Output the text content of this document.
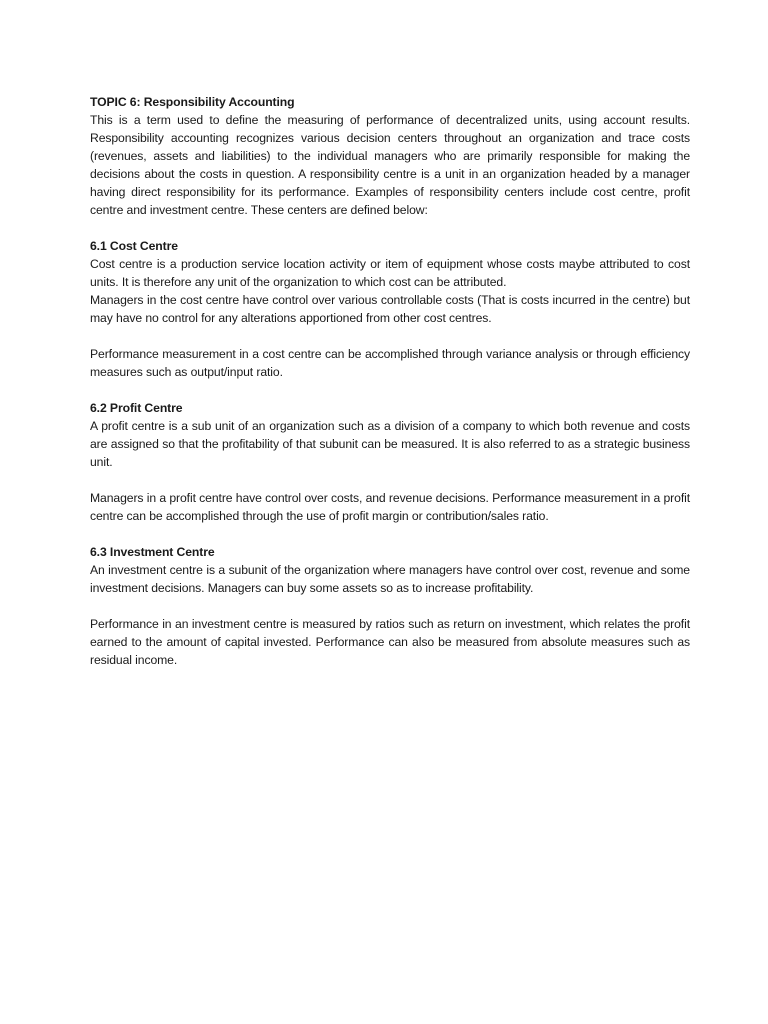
TOPIC 6: Responsibility Accounting

This is a term used to define the measuring of performance of decentralized units, using account results. Responsibility accounting recognizes various decision centers throughout an organization and trace costs (revenues, assets and liabilities) to the individual managers who are primarily responsible for making the decisions about the costs in question. A responsibility centre is a unit in an organization headed by a manager having direct responsibility for its performance. Examples of responsibility centers include cost centre, profit centre and investment centre. These centers are defined below:

6.1 Cost Centre

Cost centre is a production service location activity or item of equipment whose costs maybe attributed to cost units. It is therefore any unit of the organization to which cost can be attributed.

Managers in the cost centre have control over various controllable costs (That is costs incurred in the centre) but may have no control for any alterations apportioned from other cost centres.

Performance measurement in a cost centre can be accomplished through variance analysis or through efficiency measures such as output/input ratio.

6.2 Profit Centre

A profit centre is a sub unit of an organization such as a division of a company to which both revenue and costs are assigned so that the profitability of that subunit can be measured. It is also referred to as a strategic business unit.

Managers in a profit centre have control over costs, and revenue decisions. Performance measurement in a profit centre can be accomplished through the use of profit margin or contribution/sales ratio.

6.3 Investment Centre

An investment centre is a subunit of the organization where managers have control over cost, revenue and some investment decisions. Managers can buy some assets so as to increase profitability.

Performance in an investment centre is measured by ratios such as return on investment, which relates the profit earned to the amount of capital invested. Performance can also be measured from absolute measures such as residual income.
